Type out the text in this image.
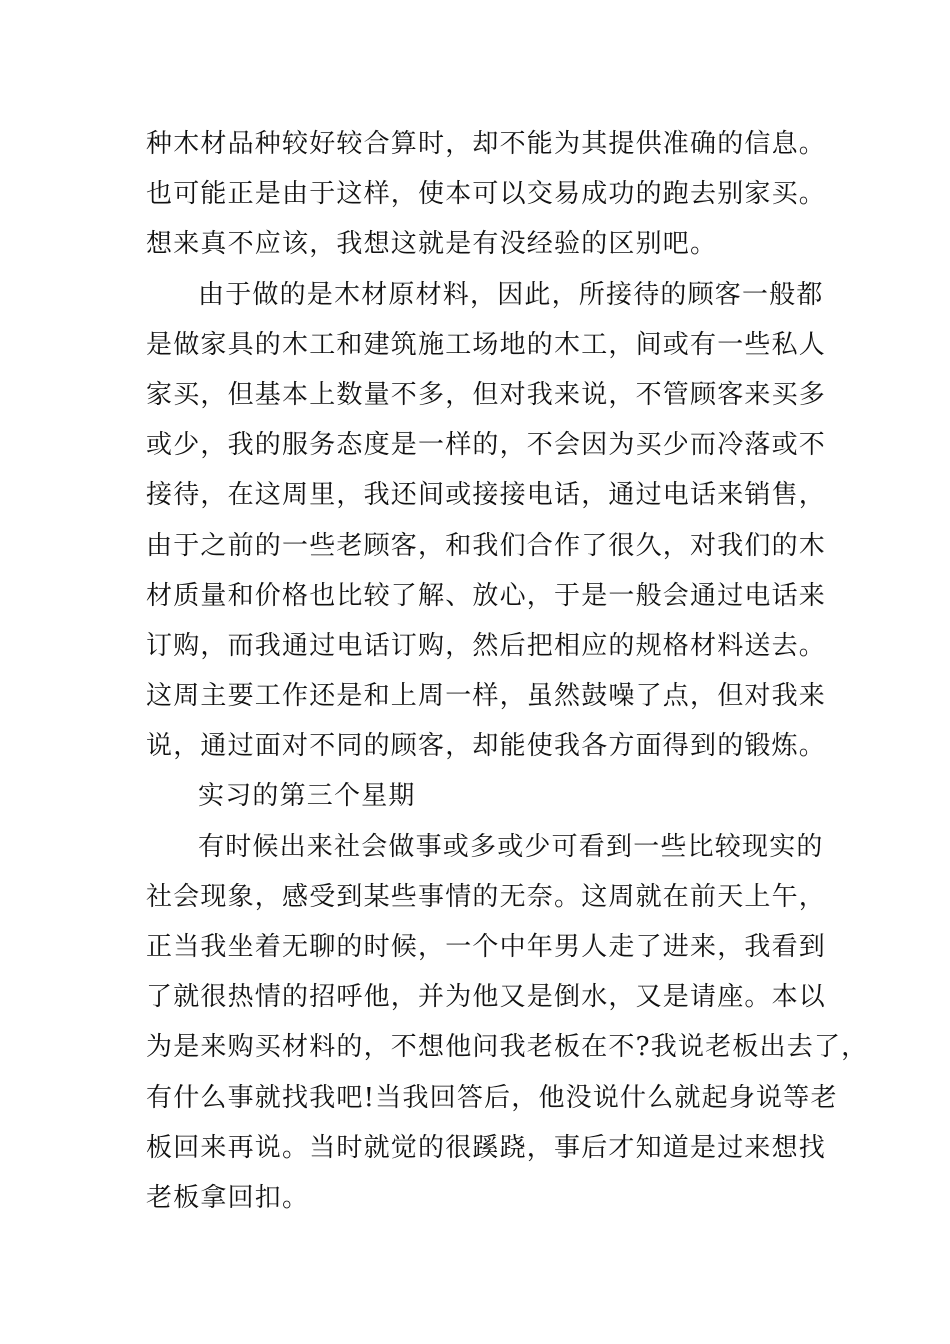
种木材品种较好较合算时，却不能为其提供准确的信息。
也可能正是由于这样，使本可以交易成功的跑去别家买。
想来真不应该，我想这就是有没经验的区别吧。
由于做的是木材原材料，因此，所接待的顾客一般都
是做家具的木工和建筑施工场地的木工，间或有一些私人
家买，但基本上数量不多，但对我来说，不管顾客来买多
或少，我的服务态度是一样的，不会因为买少而冷落或不
接待，在这周里，我还间或接接电话，通过电话来销售，
由于之前的一些老顾客，和我们合作了很久，对我们的木
材质量和价格也比较了解、放心，于是一般会通过电话来
订购，而我通过电话订购，然后把相应的规格材料送去。
这周主要工作还是和上周一样，虽然鼓噪了点，但对我来
说，通过面对不同的顾客，却能使我各方面得到的锻炼。
实习的第三个星期
有时候出来社会做事或多或少可看到一些比较现实的
社会现象，感受到某些事情的无奈。这周就在前天上午，
正当我坐着无聊的时候，一个中年男人走了进来，我看到
了就很热情的招呼他，并为他又是倒水，又是请座。本以
为是来购买材料的，不想他问我老板在不?我说老板出去了，
有什么事就找我吧!当我回答后，他没说什么就起身说等老
板回来再说。当时就觉的很蹊跷，事后才知道是过来想找
老板拿回扣。
